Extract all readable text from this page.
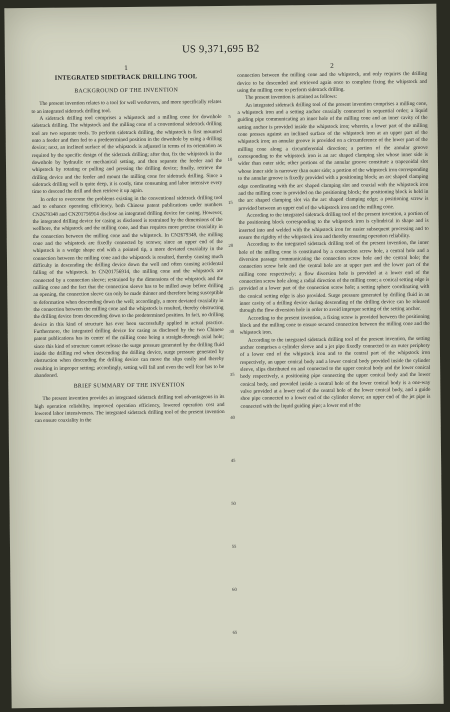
US 9,371,695 B2
1
INTEGRATED SIDETRACK DRILLING TOOL
BACKGROUND OF THE INVENTION

The present invention relates to a tool for well workovers, and more specifically relates to an integrated sidetrack drilling tool.

A sidetrack drilling tool comprises a whipstock and a milling cone for downhole sidetrack drilling. The whipstock and the milling cone of a conventional sidetrack drilling tool are two separate tools. To perform sidetrack drilling, the whipstock is first mounted onto a feeder and then fed to a predetermined position in the downhole by using a drilling device; next, an inclined surface of the whipstock is adjusted in terms of its orientation as required by the specific design of the sidetrack drilling; after that, fix the whipstock in the downhole by hydraulic or mechanical setting, and then separate the feeder and the whipstock by rotating or pulling and pressing the drilling device; finally, retrieve the drilling device and the feeder and mount the milling cone for sidetrack drilling. Since a sidetrack drilling well is quite deep, it is costly, time consuming and labor intensive every time to descend the drill and then retrieve it up again.

In order to overcome the problems existing in the conventional sidetrack drilling tool and to enhance operating efficiency, both Chinese patent publications under numbers CN2679348 and CN201756914 disclose an integrated drilling device for casing. However, the integrated drilling device for casing as disclosed is restrained by the dimensions of the wellbore, the whipstock and the milling cone, and thus requires more precise coaxiality in the connection between the milling cone and the whipstock. In CN2679348, the milling cone and the whipstock are fixedly connected by screws; since an upper end of the whipstock is a wedge shape end with a pointed tip, a more deviated coaxiality in the connection between the milling cone and the whipstock is resulted, thereby causing much difficulty in descending the drilling device down the well and often causing accidental falling of the whipstock. In CN201756914, the milling cone and the whipstock are connected by a connection sleeve; restrained by the dimensions of the whipstock and the milling cone and the fact that the connection sleeve has to be milled away before drilling an opening, the connection sleeve can only be made thinner and therefore being susceptible to deformation when descending down the well; accordingly, a more deviated coaxiality in the connection between the milling cone and the whipstock is resulted, thereby obstructing the drilling device from descending down to the predetermined position. In fact, no drilling device in this kind of structure has ever been successfully applied in actual practice. Furthermore, the integrated drilling device for casing as disclosed by the two Chinese patent publications has its center of the milling cone being a straight-through axial hole; since this kind of structure cannot release the surge pressure generated by the drilling fluid inside the drilling rod when descending the drilling device, surge pressure generated by obstruction when descending the drilling device can move the slips easily and thereby resulting in improper setting; accordingly, setting will fail and even the well fear has to be abandoned.

BRIEF SUMMARY OF THE INVENTION

The present invention provides an integrated sidetrack drilling tool advantageous in its high operation reliability, improved operation efficiency, lowered operation cost and lowered labor intensiveness. The integrated sidetrack drilling tool of the present invention can ensure coaxiality in the

5
10
15
20
25
30
35
40
45
50
55
60
65
2

connection between the milling cone and the whipstock, and only requires the drilling device to be descended and retrieved again once to complete fixing the whipstock and using the milling cone to perform sidetrack drilling.

The present invention is attained as follows:

An integrated sidetrack drilling tool of the present invention comprises a milling cone, a whipstock iron and a setting anchor coaxially connected in sequential order; a liquid guiding pipe communicating an inner hole of the milling cone and an inner cavity of the setting anchor is provided inside the whipstock iron; wherein, a lower part of the milling cone presses against an inclined surface of the whipstock iron at an upper part of the whipstock iron; an annular groove is provided on a circumference of the lower part of the milling cone along a circumferential direction; a portion of the annular groove corresponding to the whipstock iron is an arc shaped clamping slot whose inner side is wider than outer side; other portions of the annular groove constitute a trapezoidal slot whose inner side is narrower than outer side; a portion of the whipstock iron corresponding to the annular groove is fixedly provided with a positioning block; an arc shaped clamping edge coordinating with the arc shaped clamping slot and coaxial with the whipstock iron and the milling cone is provided on the positioning block; the positioning block is held in the arc shaped clamping slot via the arc shaped clamping edge; a positioning screw is provided between an upper end of the whipstock iron and the milling cone.

According to the integrated sidetrack drilling tool of the present invention, a portion of the positioning block corresponding to the whipstock iron is cylindrical in shape and is inserted into and welded with the whipstock iron for easier subsequent processing and to ensure the rigidity of the whipstock iron and thereby ensuring operation reliability.

According to the integrated sidetrack drilling tool of the present invention, the inner hole of the milling cone is constituted by a connection screw hole, a central hole and a diversion passage communicating the connection screw hole and the central hole; the connection screw hole and the central hole are at upper part and the lower part of the milling cone respectively; a flow diversion hole is provided at a lower end of the connection screw hole along a radial direction of the milling cone; a conical setting edge is provided at a lower part of the connection screw hole; a setting sphere coordinating with the conical setting edge is also provided. Surge pressure generated by drilling fluid in an inner cavity of a drilling device during descending of the drilling device can be released through the flow diversion hole in order to avoid improper setting of the setting anchor.

According to the present invention, a fixing screw is provided between the positioning block and the milling cone to ensure secured connection between the milling cone and the whipstock iron.

According to the integrated sidetrack drilling tool of the present invention, the setting anchor comprises a cylinder sleeve and a jet pipe fixedly connected to an outer periphery of a lower end of the whipstock iron and to the central part of the whipstock iron respectively, an upper conical body and a lower conical body provided inside the cylinder sleeve, slips distributed on and connected to the upper conical body and the lower conical body respectively, a positioning pipe connecting the upper conical body and the lower conical body, and provided inside a central hole of the lower conical body is a one-way valve provided at a lower end of the central hole of the lower conical body, and a guide shoe pipe connected to a lower end of the cylinder sleeve; an upper end of the jet pipe is connected with the liquid guiding pipe; a lower end of the
